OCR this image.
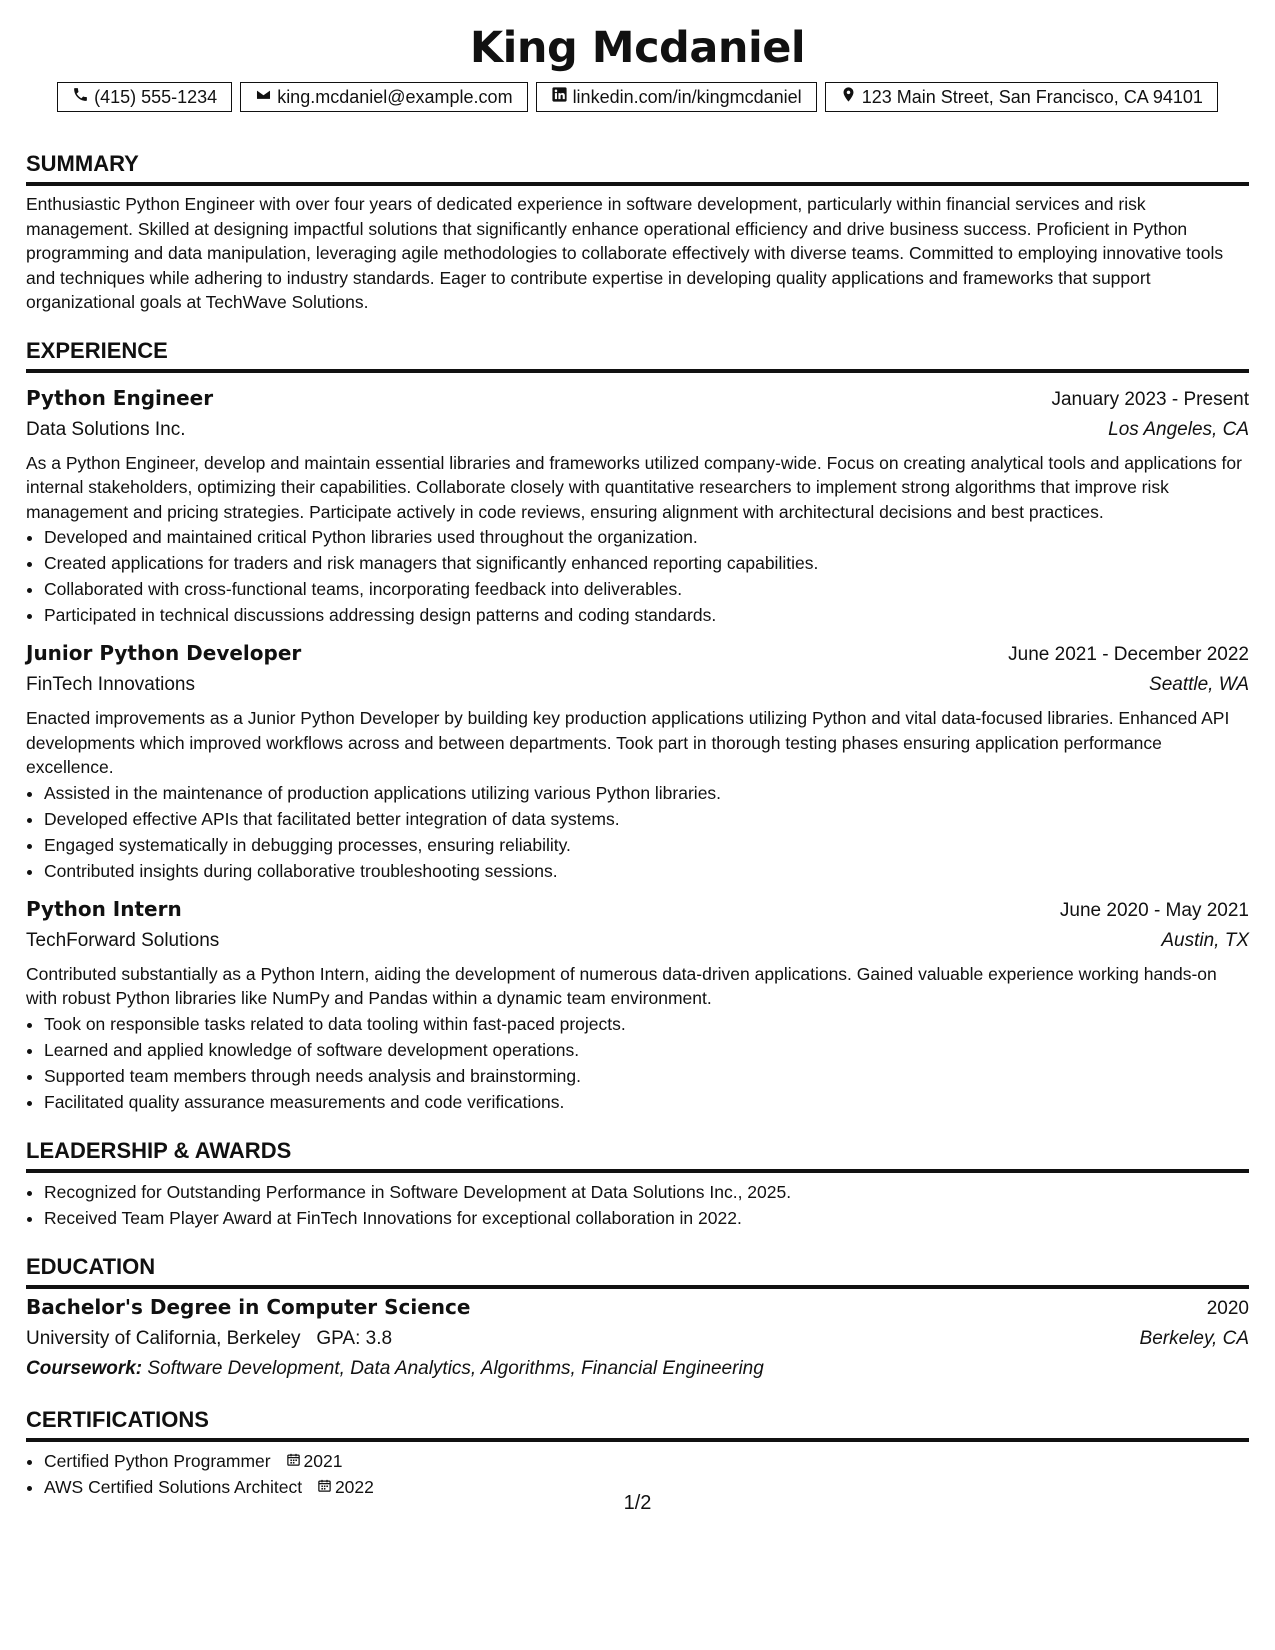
King Mcdaniel
(415) 555-1234	king.mcdaniel@example.com	linkedin.com/in/kingmcdaniel	123 Main Street, San Francisco, CA 94101
SUMMARY

Enthusiastic Python Engineer with over four years of dedicated experience in software development, particularly within financial services and risk management. Skilled at designing impactful solutions that significantly enhance operational efficiency and drive business success. Proficient in Python programming and data manipulation, leveraging agile methodologies to collaborate effectively with diverse teams. Committed to employing innovative tools and techniques while adhering to industry standards. Eager to contribute expertise in developing quality applications and frameworks that support organizational goals at TechWave Solutions.

EXPERIENCE
Python Engineer	January 2023 - Present
Data Solutions Inc.	Los Angeles, CA

As a Python Engineer, develop and maintain essential libraries and frameworks utilized company-wide. Focus on creating analytical tools and applications for internal stakeholders, optimizing their capabilities. Collaborate closely with quantitative researchers to implement strong algorithms that improve risk management and pricing strategies. Participate actively in code reviews, ensuring alignment with architectural decisions and best practices.

• Developed and maintained critical Python libraries used throughout the organization.
• Created applications for traders and risk managers that significantly enhanced reporting capabilities.
• Collaborated with cross-functional teams, incorporating feedback into deliverables.
• Participated in technical discussions addressing design patterns and coding standards.
Junior Python Developer	June 2021 - December 2022
FinTech Innovations	Seattle, WA

Enacted improvements as a Junior Python Developer by building key production applications utilizing Python and vital data-focused libraries. Enhanced API developments which improved workflows across and between departments. Took part in thorough testing phases ensuring application performance excellence.

• Assisted in the maintenance of production applications utilizing various Python libraries.
• Developed effective APIs that facilitated better integration of data systems.
• Engaged systematically in debugging processes, ensuring reliability.
• Contributed insights during collaborative troubleshooting sessions.
Python Intern	June 2020 - May 2021
TechForward Solutions	Austin, TX

Contributed substantially as a Python Intern, aiding the development of numerous data-driven applications. Gained valuable experience working hands-on with robust Python libraries like NumPy and Pandas within a dynamic team environment.

• Took on responsible tasks related to data tooling within fast-paced projects.
• Learned and applied knowledge of software development operations.
• Supported team members through needs analysis and brainstorming.
• Facilitated quality assurance measurements and code verifications.
LEADERSHIP & AWARDS
• Recognized for Outstanding Performance in Software Development at Data Solutions Inc., 2025.
• Received Team Player Award at FinTech Innovations for exceptional collaboration in 2022.
EDUCATION
Bachelor's Degree in Computer Science	2020
University of California, Berkeley GPA: 3.8	Berkeley, CA
Coursework: Software Development, Data Analytics, Algorithms, Financial Engineering
CERTIFICATIONS
• Certified Python Programmer 2021
• AWS Certified Solutions Architect 2022
1/2
